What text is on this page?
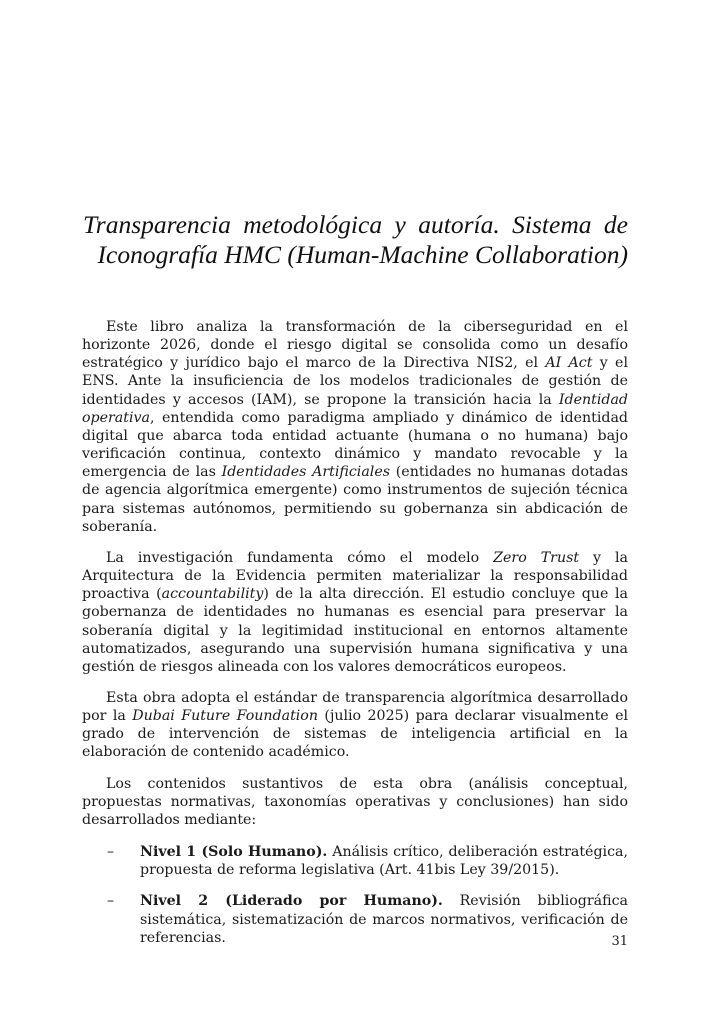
Transparencia metodológica y autoría. Sistema de Iconografía HMC (Human-Machine Collaboration)

Este libro analiza la transformación de la ciberseguridad en el horizonte 2026, donde el riesgo digital se consolida como un desafío estratégico y jurídico bajo el marco de la Directiva NIS2, el AI Act y el ENS. Ante la insuficiencia de los modelos tradicionales de gestión de identidades y accesos (IAM), se propone la transición hacia la Identidad operativa, entendida como paradigma ampliado y dinámico de identidad digital que abarca toda entidad actuante (humana o no humana) bajo verificación continua, contexto dinámico y mandato revocable y la emergencia de las Identidades Artificiales (entidades no humanas dotadas de agencia algorítmica emergente) como instrumentos de sujeción técnica para sistemas autónomos, permitiendo su gobernanza sin abdicación de soberanía.

La investigación fundamenta cómo el modelo Zero Trust y la Arquitectura de la Evidencia permiten materializar la responsabilidad proactiva (accountability) de la alta dirección. El estudio concluye que la gobernanza de identidades no humanas es esencial para preservar la soberanía digital y la legitimidad institucional en entornos altamente automatizados, asegurando una supervisión humana significativa y una gestión de riesgos alineada con los valores democráticos europeos.

Esta obra adopta el estándar de transparencia algorítmica desarrollado por la Dubai Future Foundation (julio 2025) para declarar visualmente el grado de intervención de sistemas de inteligencia artificial en la elaboración de contenido académico.

Los contenidos sustantivos de esta obra (análisis conceptual, propuestas normativas, taxonomías operativas y conclusiones) han sido desarrollados mediante:

– Nivel 1 (Solo Humano). Análisis crítico, deliberación estratégica, propuesta de reforma legislativa (Art. 41bis Ley 39/2015).
– Nivel 2 (Liderado por Humano). Revisión bibliográfica sistemática, sistematización de marcos normativos, verificación de referencias.	31
